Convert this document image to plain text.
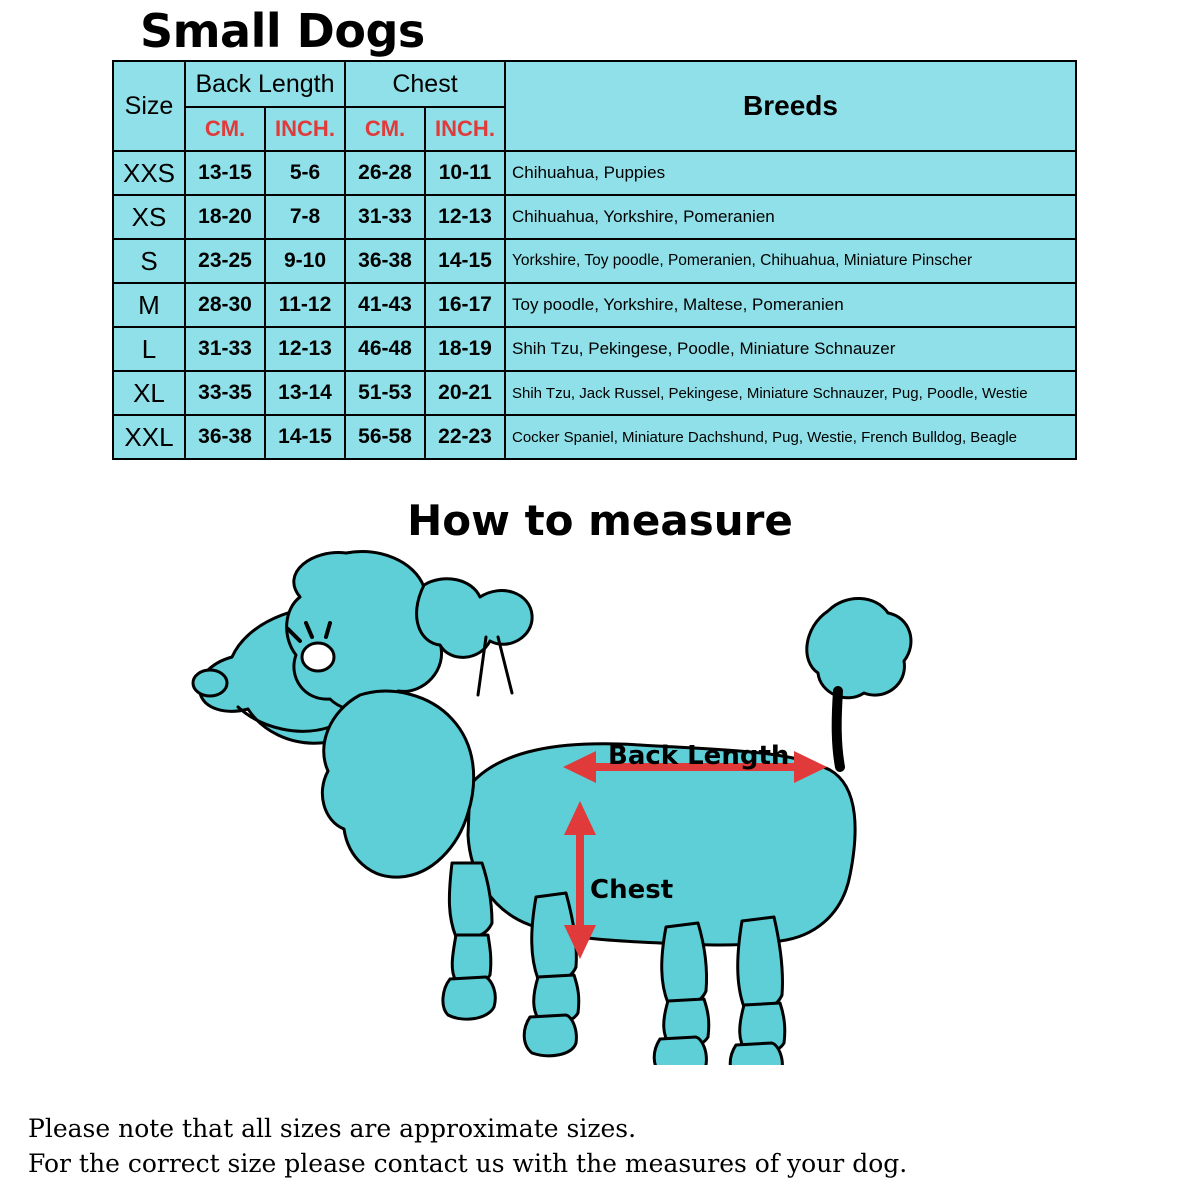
Small Dogs
Size	Back Length		Chest		Breeds
	CM.	INCH.	CM.	INCH.	
XXS	13-15	5-6	26-28	10-11	Chihuahua, Puppies
XS	18-20	7-8	31-33	12-13	Chihuahua, Yorkshire, Pomeranien
S	23-25	9-10	36-38	14-15	Yorkshire, Toy poodle, Pomeranien, Chihuahua, Miniature Pinscher
M	28-30	11-12	41-43	16-17	Toy poodle, Yorkshire, Maltese, Pomeranien
L	31-33	12-13	46-48	18-19	Shih Tzu, Pekingese, Poodle, Miniature Schnauzer
XL	33-35	13-14	51-53	20-21	Shih Tzu, Jack Russel, Pekingese, Miniature Schnauzer, Pug, Poodle, Westie
XXL	36-38	14-15	56-58	22-23	Cocker Spaniel, Miniature Dachshund, Pug, Westie, French Bulldog, Beagle
How to measure
Back Length
Chest
Please note that all sizes are approximate sizes.
For the correct size please contact us with the measures of your dog.
